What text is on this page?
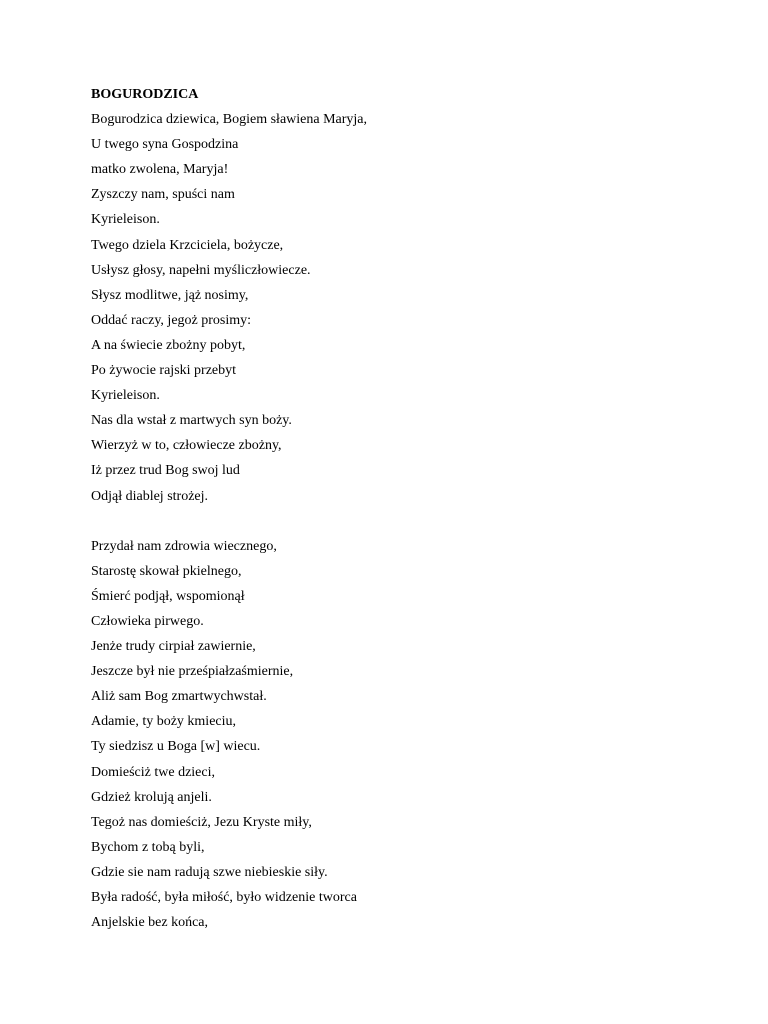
BOGURODZICA
Bogurodzica dziewica, Bogiem sławiena Maryja,
U twego syna Gospodzina
matko zwolena, Maryja!
Zyszczy nam, spuści nam
Kyrieleison.
Twego dziela Krzciciela, bożycze,
Usłysz głosy, napełni myśliczłowiecze.
Słysz modlitwe, jąż nosimy,
Oddać raczy, jegoż prosimy:
A na świecie zbożny pobyt,
Po żywocie rajski przebyt
Kyrieleison.
Nas dla wstał z martwych syn boży.
Wierzyż w to, człowiecze zbożny,
Iż przez trud Bog swoj lud
Odjął diablej strożej.
Przydał nam zdrowia wiecznego,
Starostę skował pkielnego,
Śmierć podjął, wspomionął
Człowieka pirwego.
Jenże trudy cirpiał zawiernie,
Jeszcze był nie prześpiałzaśmiernie,
Aliż sam Bog zmartwychwstał.
Adamie, ty boży kmieciu,
Ty siedzisz u Boga [w] wiecu.
Domieściż twe dzieci,
Gdzież krolują anjeli.
Tegoż nas domieściż, Jezu Kryste miły,
Bychom z tobą byli,
Gdzie sie nam radują szwe niebieskie siły.
Była radość, była miłość, było widzenie tworca
Anjelskie bez końca,
